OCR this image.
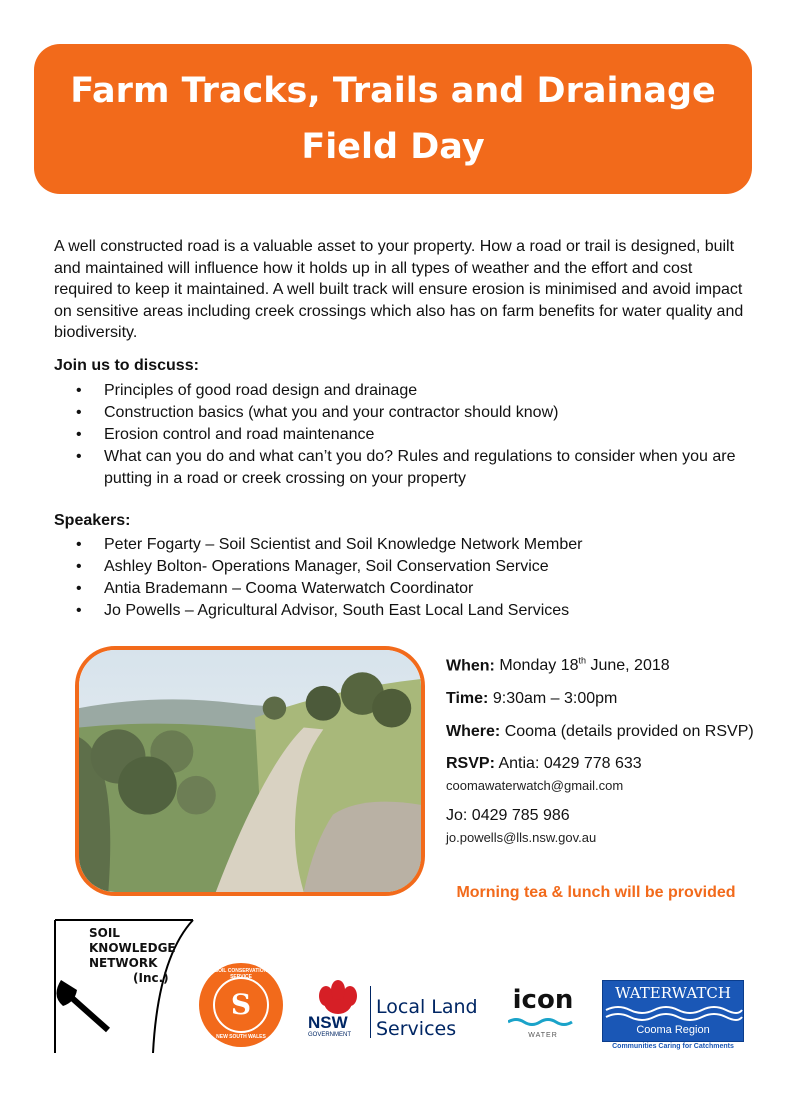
Farm Tracks, Trails and Drainage
Field Day
A well constructed road is a valuable asset to your property. How a road or trail is designed, built and maintained will influence how it holds up in all types of weather and the effort and cost required to keep it maintained. A well built track will ensure erosion is minimised and avoid impact on sensitive areas including creek crossings which also has on farm benefits for water quality and biodiversity.
Join us to discuss:
• Principles of good road design and drainage
• Construction basics (what you and your contractor should know)
• Erosion control and road maintenance
• What can you do and what can’t you do? Rules and regulations to consider when you are putting in a road or creek crossing on your property
Speakers:
• Peter Fogarty – Soil Scientist and Soil Knowledge Network Member
• Ashley Bolton- Operations Manager, Soil Conservation Service
• Antia Brademann – Cooma Waterwatch Coordinator
• Jo Powells – Agricultural Advisor, South East Local Land Services
When: Monday 18th June, 2018
Time: 9:30am – 3:00pm
Where: Cooma (details provided on RSVP)
RSVP: Antia: 0429 778 633
coomawaterwatch@gmail.com
Jo: 0429 785 986
jo.powells@lls.nsw.gov.au
Morning tea & lunch will be provided
SOIL
KNOWLEDGE
NETWORK
(Inc.)
S
SOIL CONSERVATION SERVICE
NEW SOUTH WALES
NSW
GOVERNMENT
Local Land
Services
icon
WATER
WATERWATCH
Cooma Region
Communities Caring for Catchments
